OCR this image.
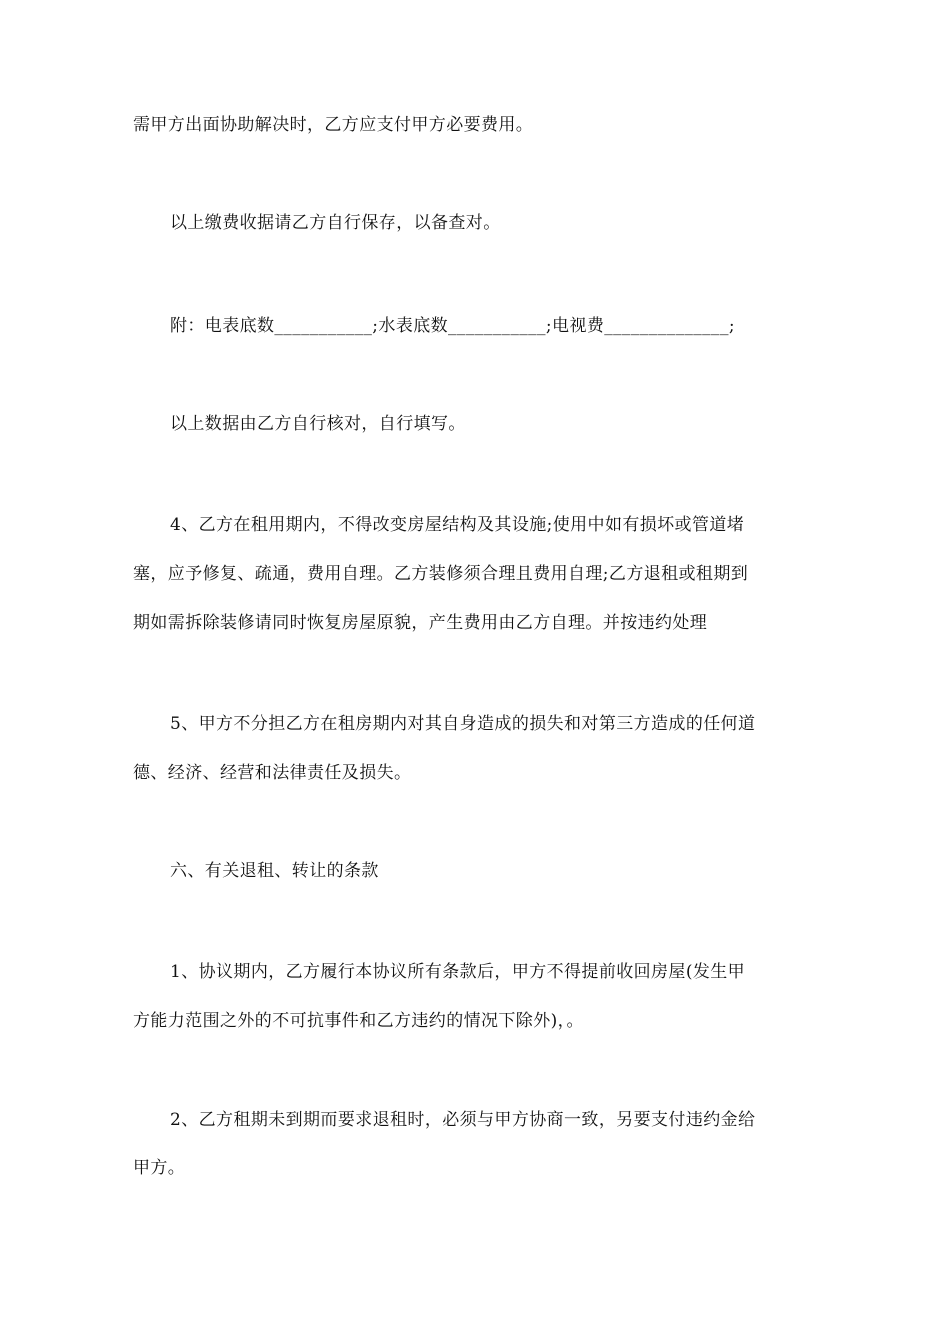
需甲方出面协助解决时，乙方应支付甲方必要费用。
以上缴费收据请乙方自行保存，以备查对。
附：电表底数___________;水表底数___________;电视费______________;
以上数据由乙方自行核对，自行填写。
4、乙方在租用期内，不得改变房屋结构及其设施;使用中如有损坏或管道堵
塞，应予修复、疏通，费用自理。乙方装修须合理且费用自理;乙方退租或租期到
期如需拆除装修请同时恢复房屋原貌，产生费用由乙方自理。并按违约处理
5、甲方不分担乙方在租房期内对其自身造成的损失和对第三方造成的任何道
德、经济、经营和法律责任及损失。
六、有关退租、转让的条款
1、协议期内，乙方履行本协议所有条款后，甲方不得提前收回房屋(发生甲
方能力范围之外的不可抗事件和乙方违约的情况下除外)，。
2、乙方租期未到期而要求退租时，必须与甲方协商一致，另要支付违约金给
甲方。
